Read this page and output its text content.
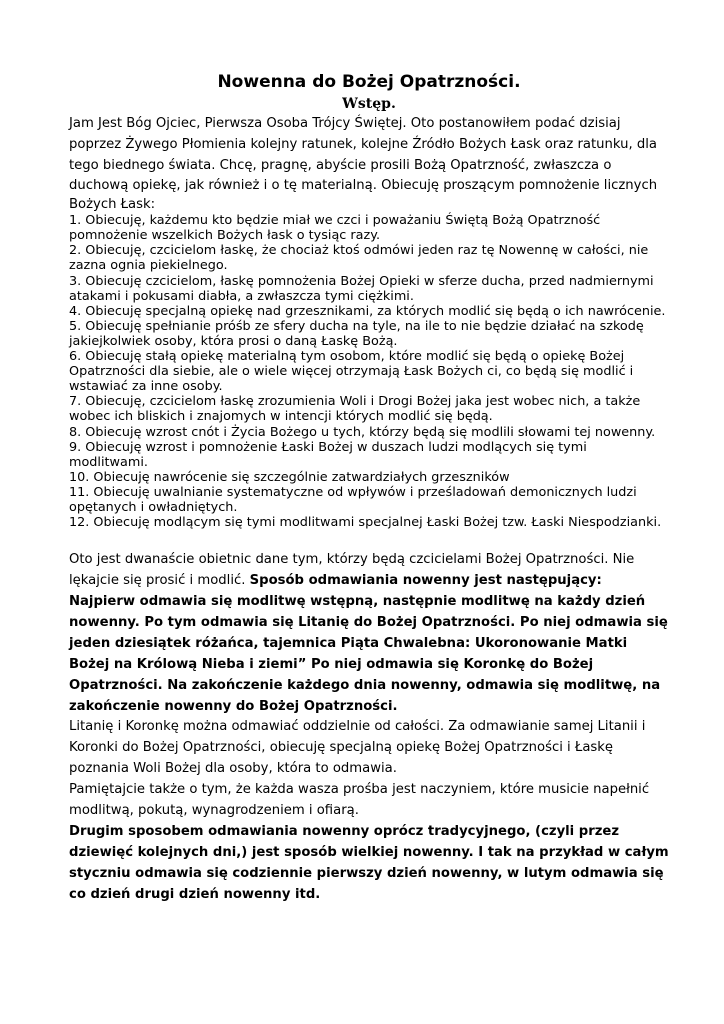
Nowenna do Bożej Opatrzności.
Wstęp.

Jam Jest Bóg Ojciec, Pierwsza Osoba Trójcy Świętej. Oto postanowiłem podać dzisiaj poprzez Żywego Płomienia kolejny ratunek, kolejne Źródło Bożych Łask oraz ratunku, dla tego biednego świata. Chcę, pragnę, abyście prosili Bożą Opatrzność, zwłaszcza o duchową opiekę, jak również i o tę materialną. Obiecuję proszącym pomnożenie licznych

Bożych Łask:

1. Obiecuję, każdemu kto będzie miał we czci i poważaniu Świętą Bożą Opatrzność pomnożenie wszelkich Bożych łask o tysiąc razy.
2. Obiecuję, czcicielom łaskę, że chociaż ktoś odmówi jeden raz tę Nowennę w całości, nie zazna ognia piekielnego.
3. Obiecuję czcicielom, łaskę pomnożenia Bożej Opieki w sferze ducha, przed nadmiernymi atakami i pokusami diabła, a zwłaszcza tymi ciężkimi.
4. Obiecuję specjalną opiekę nad grzesznikami, za których modlić się będą o ich nawrócenie.
5. Obiecuję spełnianie próśb ze sfery ducha na tyle, na ile to nie będzie działać na szkodę jakiejkolwiek osoby, która prosi o daną Łaskę Bożą.
6. Obiecuję stałą opiekę materialną tym osobom, które modlić się będą o opiekę Bożej Opatrzności dla siebie, ale o wiele więcej otrzymają Łask Bożych ci, co będą się modlić i wstawiać za inne osoby.
7. Obiecuję, czcicielom łaskę zrozumienia Woli i Drogi Bożej jaka jest wobec nich, a także wobec ich bliskich i znajomych w intencji których modlić się będą.
8. Obiecuję wzrost cnót i Życia Bożego u tych, którzy będą się modlili słowami tej nowenny.
9. Obiecuję wzrost i pomnożenie Łaski Bożej w duszach ludzi modlących się tymi modlitwami.
10. Obiecuję nawrócenie się szczególnie zatwardziałych grzeszników
11. Obiecuję uwalnianie systematyczne od wpływów i prześladowań demonicznych ludzi opętanych i owładniętych.
12. Obiecuję modlącym się tymi modlitwami specjalnej Łaski Bożej tzw. Łaski Niespodzianki.

Oto jest dwanaście obietnic dane tym, którzy będą czcicielami Bożej Opatrzności. Nie lękajcie się prosić i modlić. Sposób odmawiania nowenny jest następujący: Najpierw odmawia się modlitwę wstępną, następnie modlitwę na każdy dzień nowenny. Po tym odmawia się Litanię do Bożej Opatrzności. Po niej odmawia się jeden dziesiątek różańca, tajemnica Piąta Chwalebna: Ukoronowanie Matki Bożej na Królową Nieba i ziemi” Po niej odmawia się Koronkę do Bożej Opatrzności. Na zakończenie każdego dnia nowenny, odmawia się modlitwę, na zakończenie nowenny do Bożej Opatrzności.

Litanię i Koronkę można odmawiać oddzielnie od całości. Za odmawianie samej Litanii i Koronki do Bożej Opatrzności, obiecuję specjalną opiekę Bożej Opatrzności i Łaskę poznania Woli Bożej dla osoby, która to odmawia.

Pamiętajcie także o tym, że każda wasza prośba jest naczyniem, które musicie napełnić modlitwą, pokutą, wynagrodzeniem i ofiarą.

Drugim sposobem odmawiania nowenny oprócz tradycyjnego, (czyli przez dziewięć kolejnych dni,) jest sposób wielkiej nowenny. I tak na przykład w całym styczniu odmawia się codziennie pierwszy dzień nowenny, w lutym odmawia się co dzień drugi dzień nowenny itd.
